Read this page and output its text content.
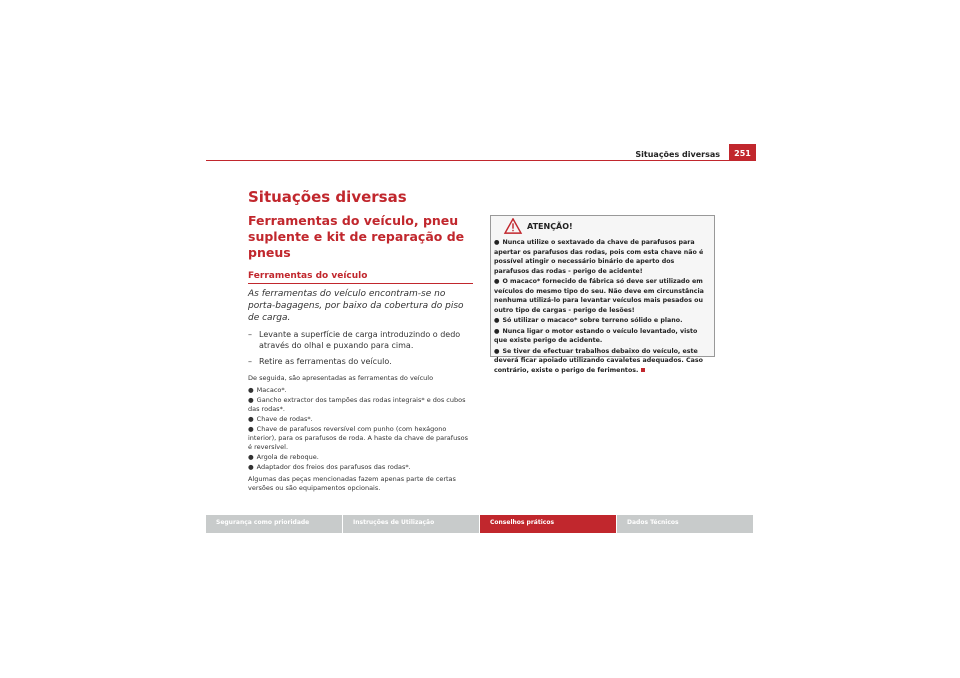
Situações diversas	251
Situações diversas
Ferramentas do veículo, pneu suplente e kit de reparação de pneus
Ferramentas do veículo
As ferramentas do veículo encontram-se no porta-bagagens, por baixo da cobertura do piso de carga.
– Levante a superfície de carga introduzindo o dedo através do olhal e puxando para cima.
– Retire as ferramentas do veículo.

De seguida, são apresentadas as ferramentas do veículo

● Macaco*.
● Gancho extractor dos tampões das rodas integrais* e dos cubos das rodas*.
● Chave de rodas*.
● Chave de parafusos reversível com punho (com hexágono interior), para os parafusos de roda. A haste da chave de parafusos é reversível.
● Argola de reboque.
● Adaptador dos freios dos parafusos das rodas*.

Algumas das peças mencionadas fazem apenas parte de certas versões ou são equipamentos opcionais.

ATENÇÃO!
● Nunca utilize o sextavado da chave de parafusos para apertar os parafusos das rodas, pois com esta chave não é possível atingir o necessário binário de aperto dos parafusos das rodas - perigo de acidente!
● O macaco* fornecido de fábrica só deve ser utilizado em veículos do mesmo tipo do seu. Não deve em circunstância nenhuma utilizá-lo para levantar veículos mais pesados ou outro tipo de cargas - perigo de lesões!
● Só utilizar o macaco* sobre terreno sólido e plano.
● Nunca ligar o motor estando o veículo levantado, visto que existe perigo de acidente.
● Se tiver de efectuar trabalhos debaixo do veículo, este deverá ficar apoiado utilizando cavaletes adequados. Caso contrário, existe o perigo de ferimentos.
Segurança como prioridade	Instruções de Utilização	Conselhos práticos	Dados Técnicos
